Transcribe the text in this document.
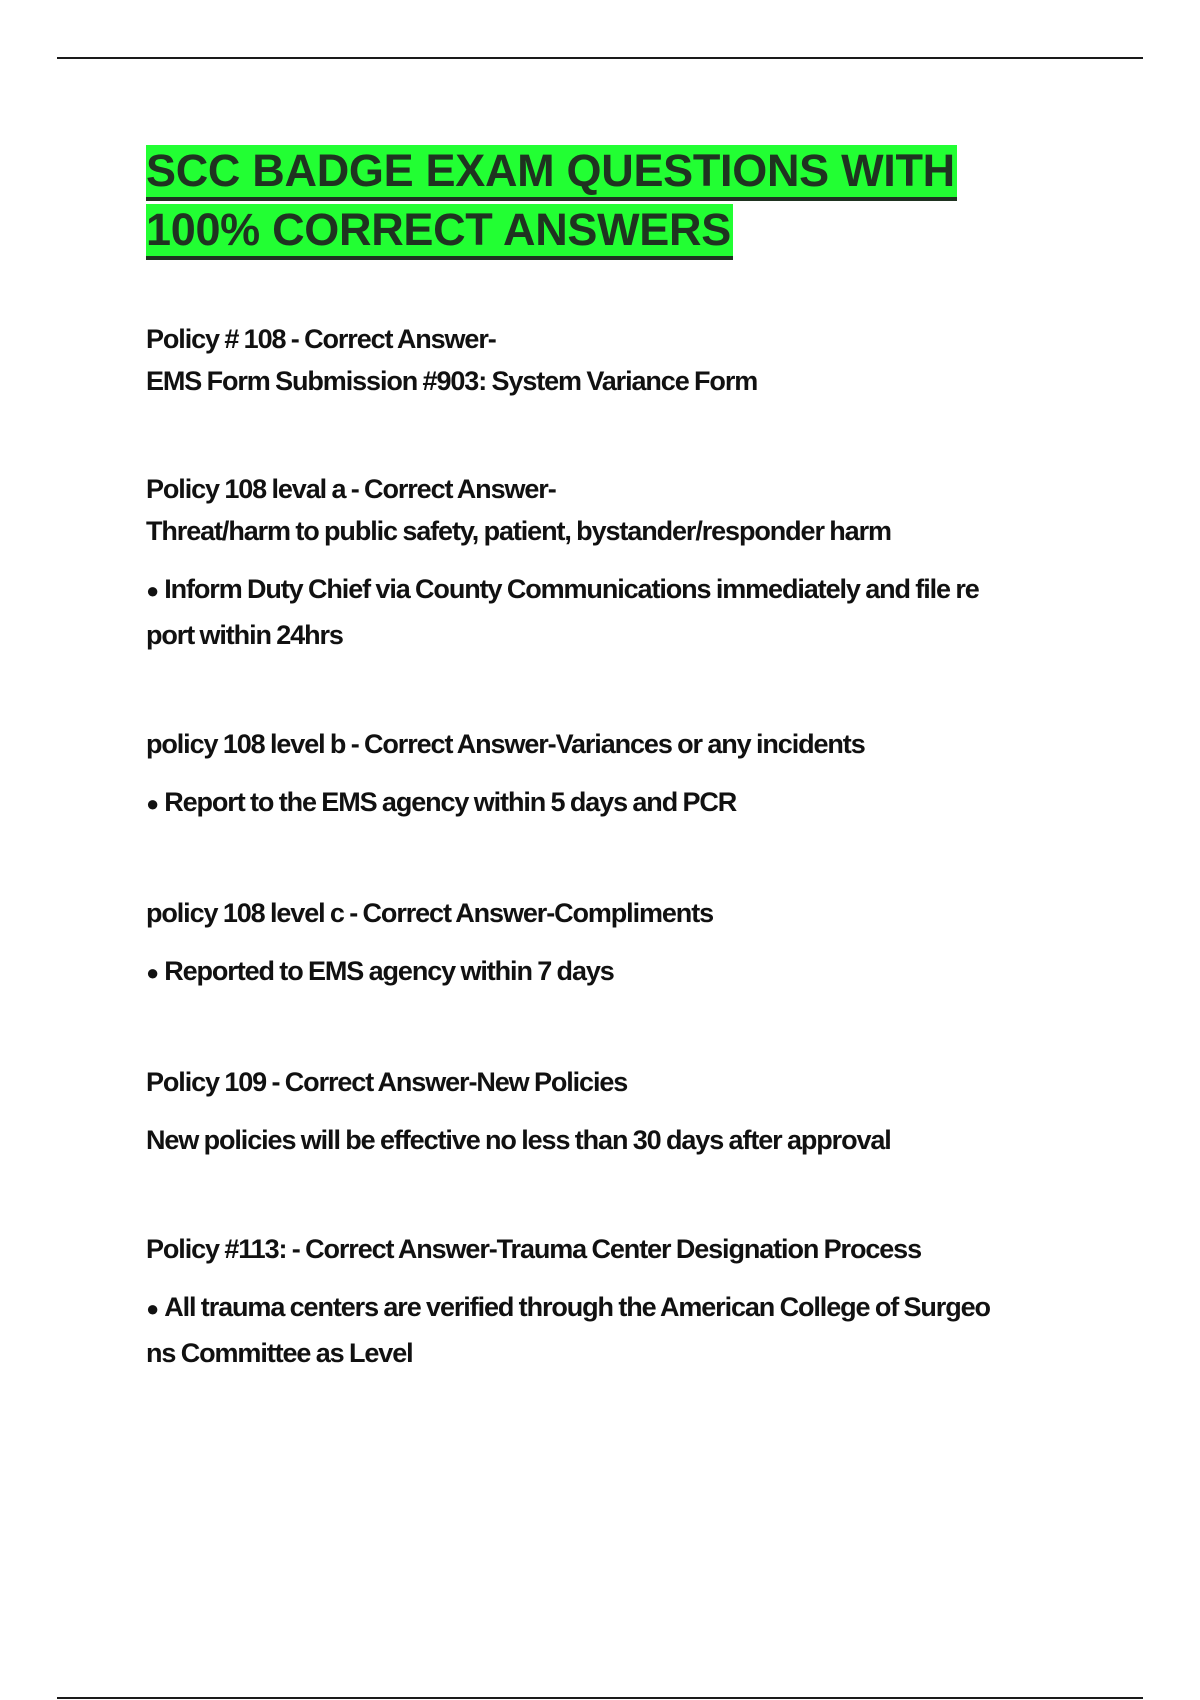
SCC BADGE EXAM QUESTIONS WITH
100% CORRECT ANSWERS
Policy # 108 - Correct Answer-
EMS Form Submission #903: System Variance Form
Policy 108 leval a - Correct Answer-
Threat/harm to public safety, patient, bystander/responder harm
● Inform Duty Chief via County Communications immediately and file re
port within 24hrs
policy 108 level b - Correct Answer-Variances or any incidents
● Report to the EMS agency within 5 days and PCR
policy 108 level c - Correct Answer-Compliments
● Reported to EMS agency within 7 days
Policy 109 - Correct Answer-New Policies
New policies will be effective no less than 30 days after approval
Policy #113: - Correct Answer-Trauma Center Designation Process
● All trauma centers are verified through the American College of Surgeo
ns Committee as Level
